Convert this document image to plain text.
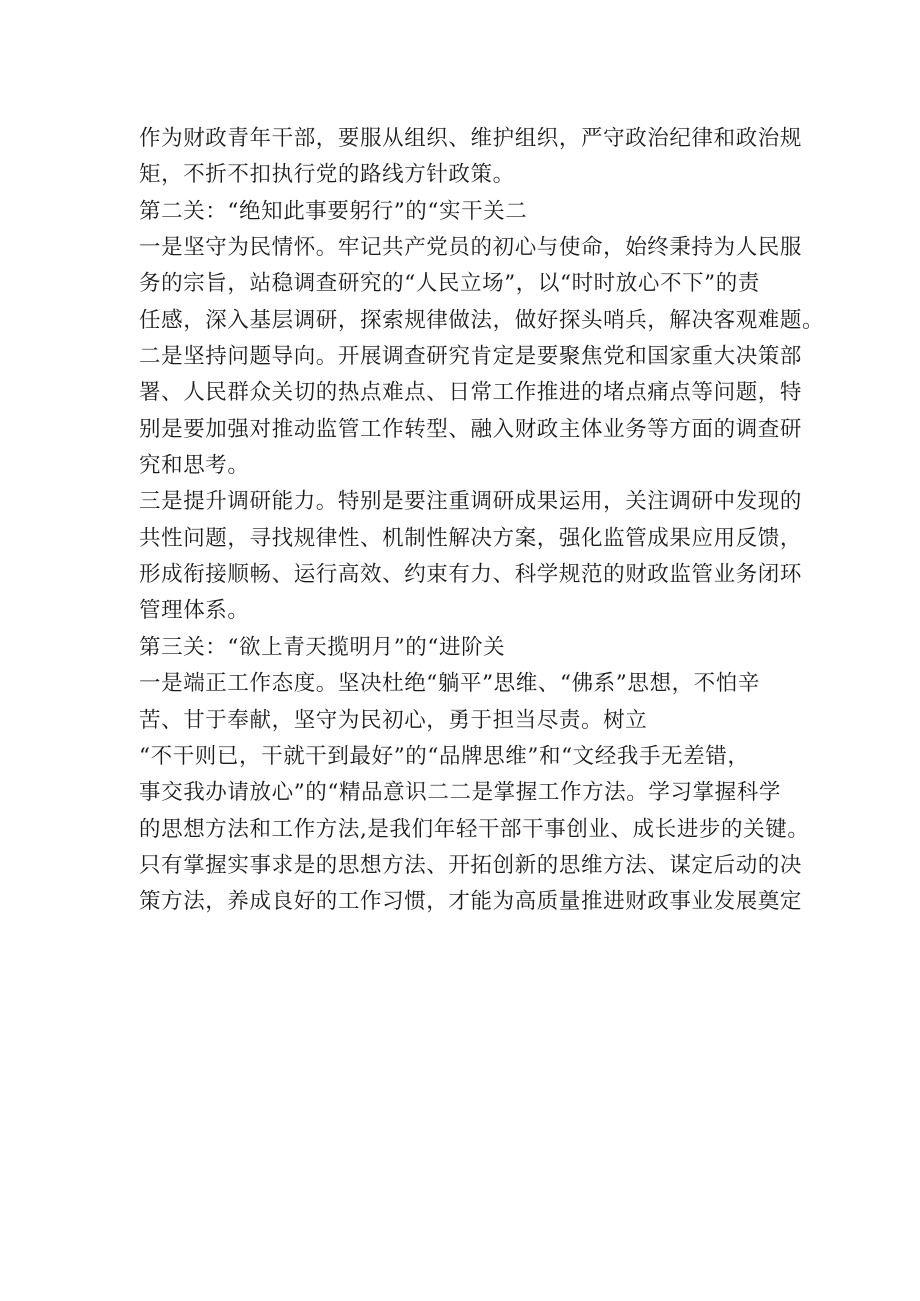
作为财政青年干部，要服从组织、维护组织，严守政治纪律和政治规
矩，不折不扣执行党的路线方针政策。
第二关：“绝知此事要躬行”的“实干关二
一是坚守为民情怀。牢记共产党员的初心与使命，始终秉持为人民服
务的宗旨，站稳调查研究的“人民立场”，以“时时放心不下”的责
任感，深入基层调研，探索规律做法，做好探头哨兵，解决客观难题。
二是坚持问题导向。开展调查研究肯定是要聚焦党和国家重大决策部
署、人民群众关切的热点难点、日常工作推进的堵点痛点等问题，特
别是要加强对推动监管工作转型、融入财政主体业务等方面的调查研
究和思考。
三是提升调研能力。特别是要注重调研成果运用，关注调研中发现的
共性问题，寻找规律性、机制性解决方案，强化监管成果应用反馈，
形成衔接顺畅、运行高效、约束有力、科学规范的财政监管业务闭环
管理体系。
第三关：“欲上青天揽明月”的“进阶关
一是端正工作态度。坚决杜绝“躺平”思维、“佛系”思想，不怕辛
苦、甘于奉献，坚守为民初心，勇于担当尽责。树立
“不干则已，干就干到最好”的“品牌思维”和“文经我手无差错，
事交我办请放心”的“精品意识二二是掌握工作方法。学习掌握科学
的思想方法和工作方法,是我们年轻干部干事创业、成长进步的关键。
只有掌握实事求是的思想方法、开拓创新的思维方法、谋定后动的决
策方法，养成良好的工作习惯，才能为高质量推进财政事业发展奠定
